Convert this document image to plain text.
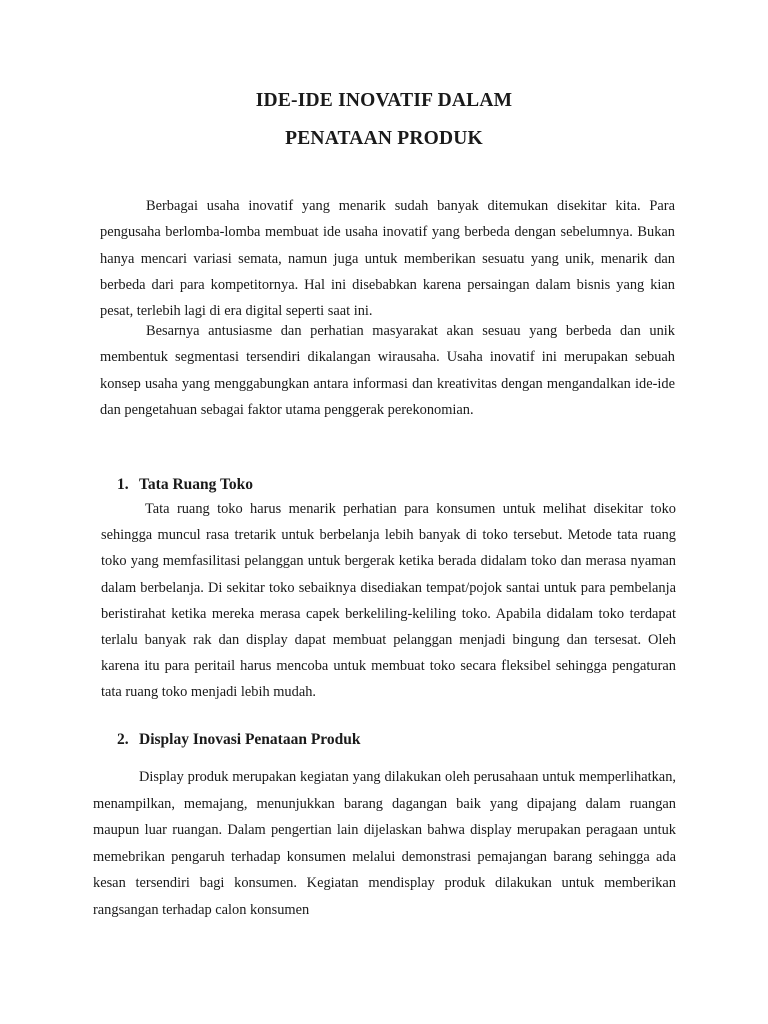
IDE-IDE INOVATIF DALAM
PENATAAN PRODUK

Berbagai usaha inovatif yang menarik sudah banyak ditemukan disekitar kita. Para pengusaha berlomba-lomba membuat ide usaha inovatif yang berbeda dengan sebelumnya. Bukan hanya mencari variasi semata, namun juga untuk memberikan sesuatu yang unik, menarik dan berbeda dari para kompetitornya. Hal ini disebabkan karena persaingan dalam bisnis yang kian pesat, terlebih lagi di era digital seperti saat ini.

Besarnya antusiasme dan perhatian masyarakat akan sesuau yang berbeda dan unik membentuk segmentasi tersendiri dikalangan wirausaha. Usaha inovatif ini merupakan sebuah konsep usaha yang menggabungkan antara informasi dan kreativitas dengan mengandalkan ide-ide dan pengetahuan sebagai faktor utama penggerak perekonomian.

1. Tata Ruang Toko

Tata ruang toko harus menarik perhatian para konsumen untuk melihat disekitar toko sehingga muncul rasa tretarik untuk berbelanja lebih banyak di toko tersebut. Metode tata ruang toko yang memfasilitasi pelanggan untuk bergerak ketika berada didalam toko dan merasa nyaman dalam berbelanja. Di sekitar toko sebaiknya disediakan tempat/pojok santai untuk para pembelanja beristirahat ketika mereka merasa capek berkeliling-keliling toko. Apabila didalam toko terdapat terlalu banyak rak dan display dapat membuat pelanggan menjadi bingung dan tersesat. Oleh karena itu para peritail harus mencoba untuk membuat toko secara fleksibel sehingga pengaturan tata ruang toko menjadi lebih mudah.

2. Display Inovasi Penataan Produk

Display produk merupakan kegiatan yang dilakukan oleh perusahaan untuk memperlihatkan, menampilkan, memajang, menunjukkan barang dagangan baik yang dipajang dalam ruangan maupun luar ruangan. Dalam pengertian lain dijelaskan bahwa display merupakan peragaan untuk memebrikan pengaruh terhadap konsumen melalui demonstrasi pemajangan barang sehingga ada kesan tersendiri bagi konsumen. Kegiatan mendisplay produk dilakukan untuk memberikan rangsangan terhadap calon konsumen
